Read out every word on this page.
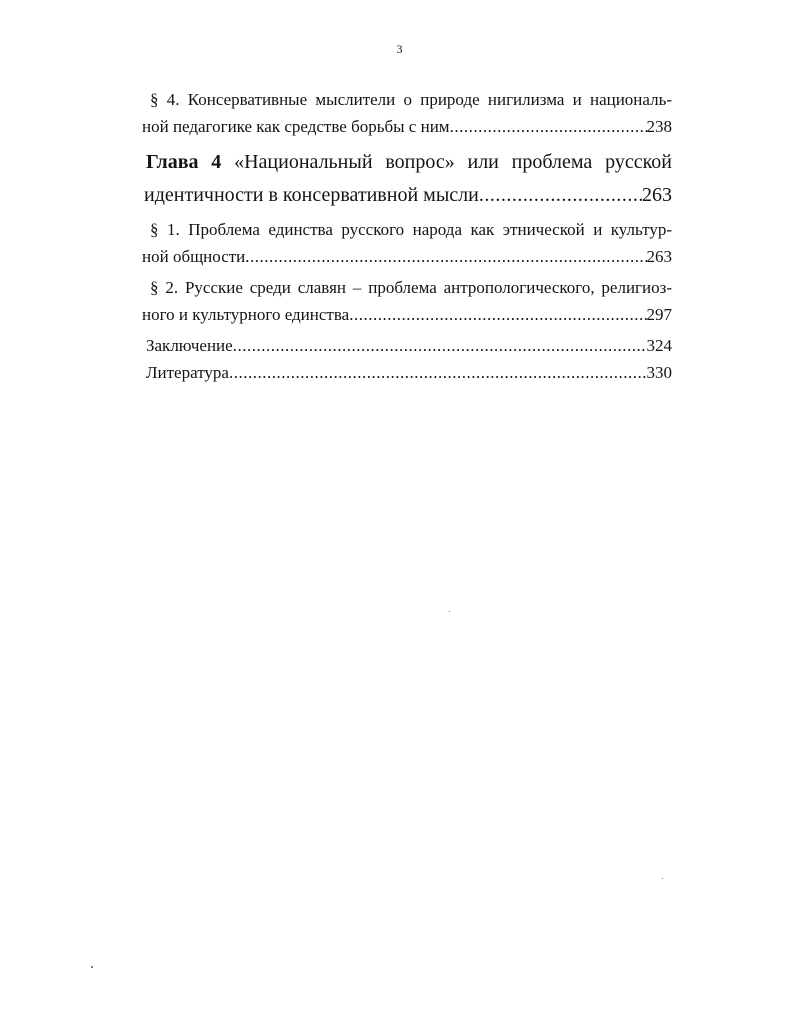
3
§ 4. Консервативные мыслители о природе нигилизма и националь-
ной педагогике как средстве борьбы с ним .....	238
Глава 4 «Национальный вопрос» или проблема русской
идентичности в консервативной мысли .....	263
§ 1. Проблема единства русского народа как этнической и культур-
ной общности .....	263
§ 2. Русские среди славян – проблема антропологического, религиоз-
ного и культурного единства .....	297
Заключение .....	324
Литература .....	330
